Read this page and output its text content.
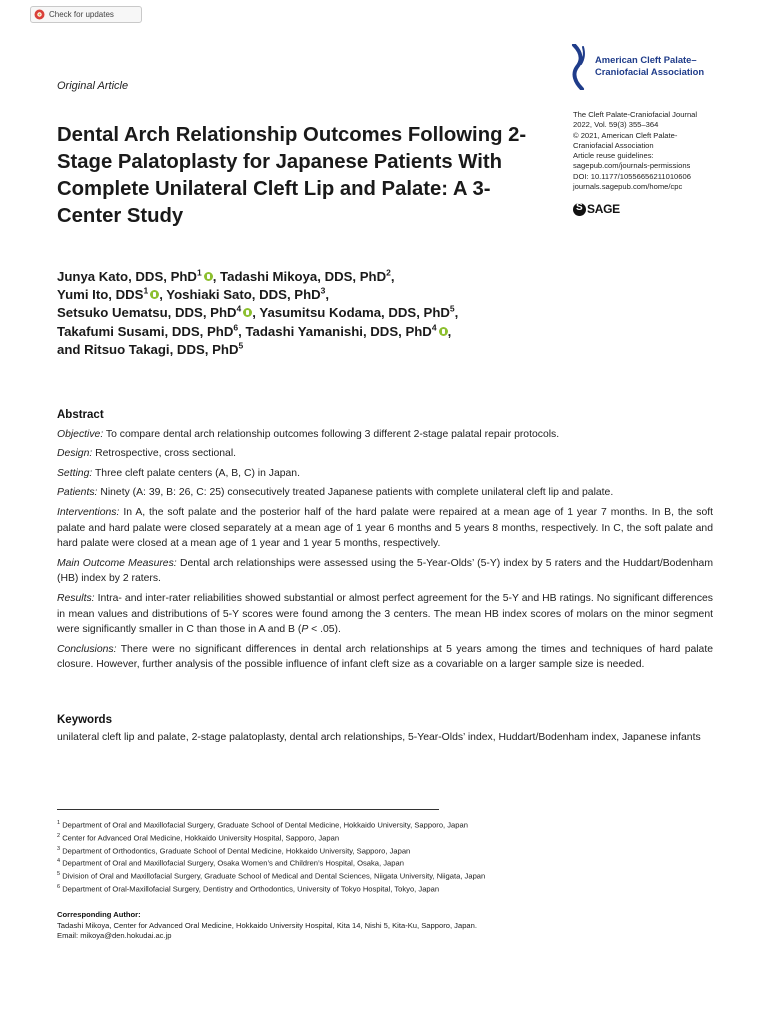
Check for updates
Original Article
American Cleft Palate–
Craniofacial Association
The Cleft Palate-Craniofacial Journal
2022, Vol. 59(3) 355–364
© 2021, American Cleft Palate-
Craniofacial Association
Article reuse guidelines:
sagepub.com/journals-permissions
DOI: 10.1177/10556656211010606
journals.sagepub.com/home/cpc
S
SAGE
Dental Arch Relationship Outcomes Following 2-Stage Palatoplasty for Japanese Patients With Complete Unilateral Cleft Lip and Palate: A 3-Center Study
Junya Kato, DDS, PhD$^1$ , Tadashi Mikoya, DDS, PhD$^2$,
Yumi Ito, DDS$^1$ , Yoshiaki Sato, DDS, PhD$^3$,
Setsuko Uematsu, DDS, PhD$^4$ , Yasumitsu Kodama, DDS, PhD$^5$,
Takafumi Susami, DDS, PhD$^6$, Tadashi Yamanishi, DDS, PhD$^4$ ,
and Ritsuo Takagi, DDS, PhD$^5$
Abstract

Objective: To compare dental arch relationship outcomes following 3 different 2-stage palatal repair protocols.

Design: Retrospective, cross sectional.

Setting: Three cleft palate centers (A, B, C) in Japan.

Patients: Ninety (A: 39, B: 26, C: 25) consecutively treated Japanese patients with complete unilateral cleft lip and palate.

Interventions: In A, the soft palate and the posterior half of the hard palate were repaired at a mean age of 1 year 7 months. In B, the soft palate and hard palate were closed separately at a mean age of 1 year 6 months and 5 years 8 months, respectively. In C, the soft palate and hard palate were closed at a mean age of 1 year and 1 year 5 months, respectively.

Main Outcome Measures: Dental arch relationships were assessed using the 5-Year-Olds’ (5-Y) index by 5 raters and the Huddart/Bodenham (HB) index by 2 raters.

Results: Intra- and inter-rater reliabilities showed substantial or almost perfect agreement for the 5-Y and HB ratings. No significant differences in mean values and distributions of 5-Y scores were found among the 3 centers. The mean HB index scores of molars on the minor segment were significantly smaller in C than those in A and B (P < .05).

Conclusions: There were no significant differences in dental arch relationships at 5 years among the times and techniques of hard palate closure. However, further analysis of the possible influence of infant cleft size as a covariable on a larger sample size is needed.

Keywords

unilateral cleft lip and palate, 2-stage palatoplasty, dental arch relationships, 5-Year-Olds’ index, Huddart/Bodenham index, Japanese infants

$^1$ Department of Oral and Maxillofacial Surgery, Graduate School of Dental Medicine, Hokkaido University, Sapporo, Japan
$^2$ Center for Advanced Oral Medicine, Hokkaido University Hospital, Sapporo, Japan
$^3$ Department of Orthodontics, Graduate School of Dental Medicine, Hokkaido University, Sapporo, Japan
$^4$ Department of Oral and Maxillofacial Surgery, Osaka Women’s and Children’s Hospital, Osaka, Japan
$^5$ Division of Oral and Maxillofacial Surgery, Graduate School of Medical and Dental Sciences, Niigata University, Niigata, Japan
$^6$ Department of Oral-Maxillofacial Surgery, Dentistry and Orthodontics, University of Tokyo Hospital, Tokyo, Japan
Corresponding Author:
Tadashi Mikoya, Center for Advanced Oral Medicine, Hokkaido University Hospital, Kita 14, Nishi 5, Kita-Ku, Sapporo, Japan.
Email: mikoya@den.hokudai.ac.jp
